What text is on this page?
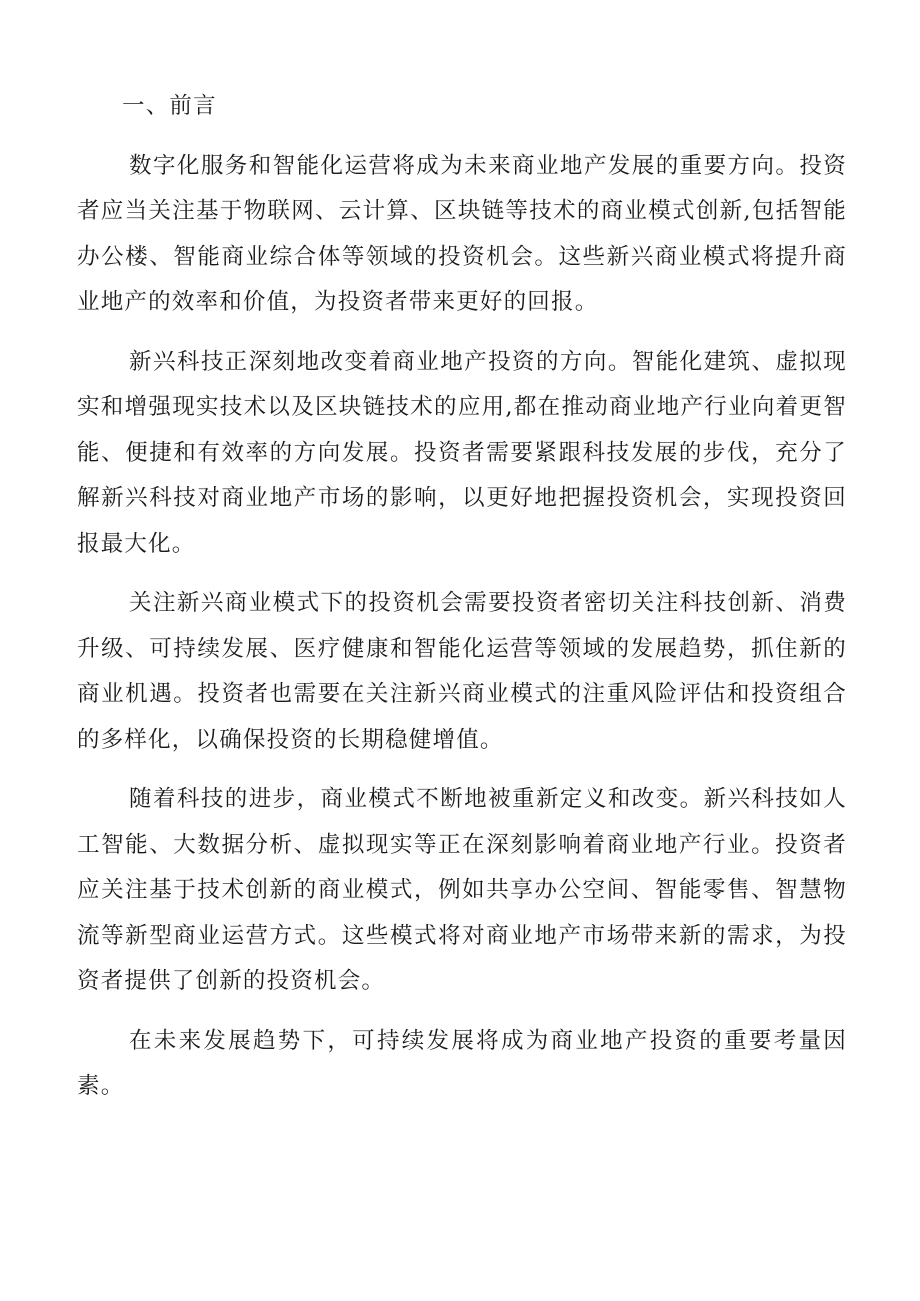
一、前言

数字化服务和智能化运营将成为未来商业地产发展的重要方向。投资者应当关注基于物联网、云计算、区块链等技术的商业模式创新,包括智能办公楼、智能商业综合体等领域的投资机会。这些新兴商业模式将提升商业地产的效率和价值，为投资者带来更好的回报。

新兴科技正深刻地改变着商业地产投资的方向。智能化建筑、虚拟现实和增强现实技术以及区块链技术的应用,都在推动商业地产行业向着更智能、便捷和有效率的方向发展。投资者需要紧跟科技发展的步伐，充分了解新兴科技对商业地产市场的影响，以更好地把握投资机会，实现投资回报最大化。

关注新兴商业模式下的投资机会需要投资者密切关注科技创新、消费升级、可持续发展、医疗健康和智能化运营等领域的发展趋势，抓住新的商业机遇。投资者也需要在关注新兴商业模式的注重风险评估和投资组合的多样化，以确保投资的长期稳健增值。

随着科技的进步，商业模式不断地被重新定义和改变。新兴科技如人工智能、大数据分析、虚拟现实等正在深刻影响着商业地产行业。投资者应关注基于技术创新的商业模式，例如共享办公空间、智能零售、智慧物流等新型商业运营方式。这些模式将对商业地产市场带来新的需求，为投资者提供了创新的投资机会。

在未来发展趋势下，可持续发展将成为商业地产投资的重要考量因素。
